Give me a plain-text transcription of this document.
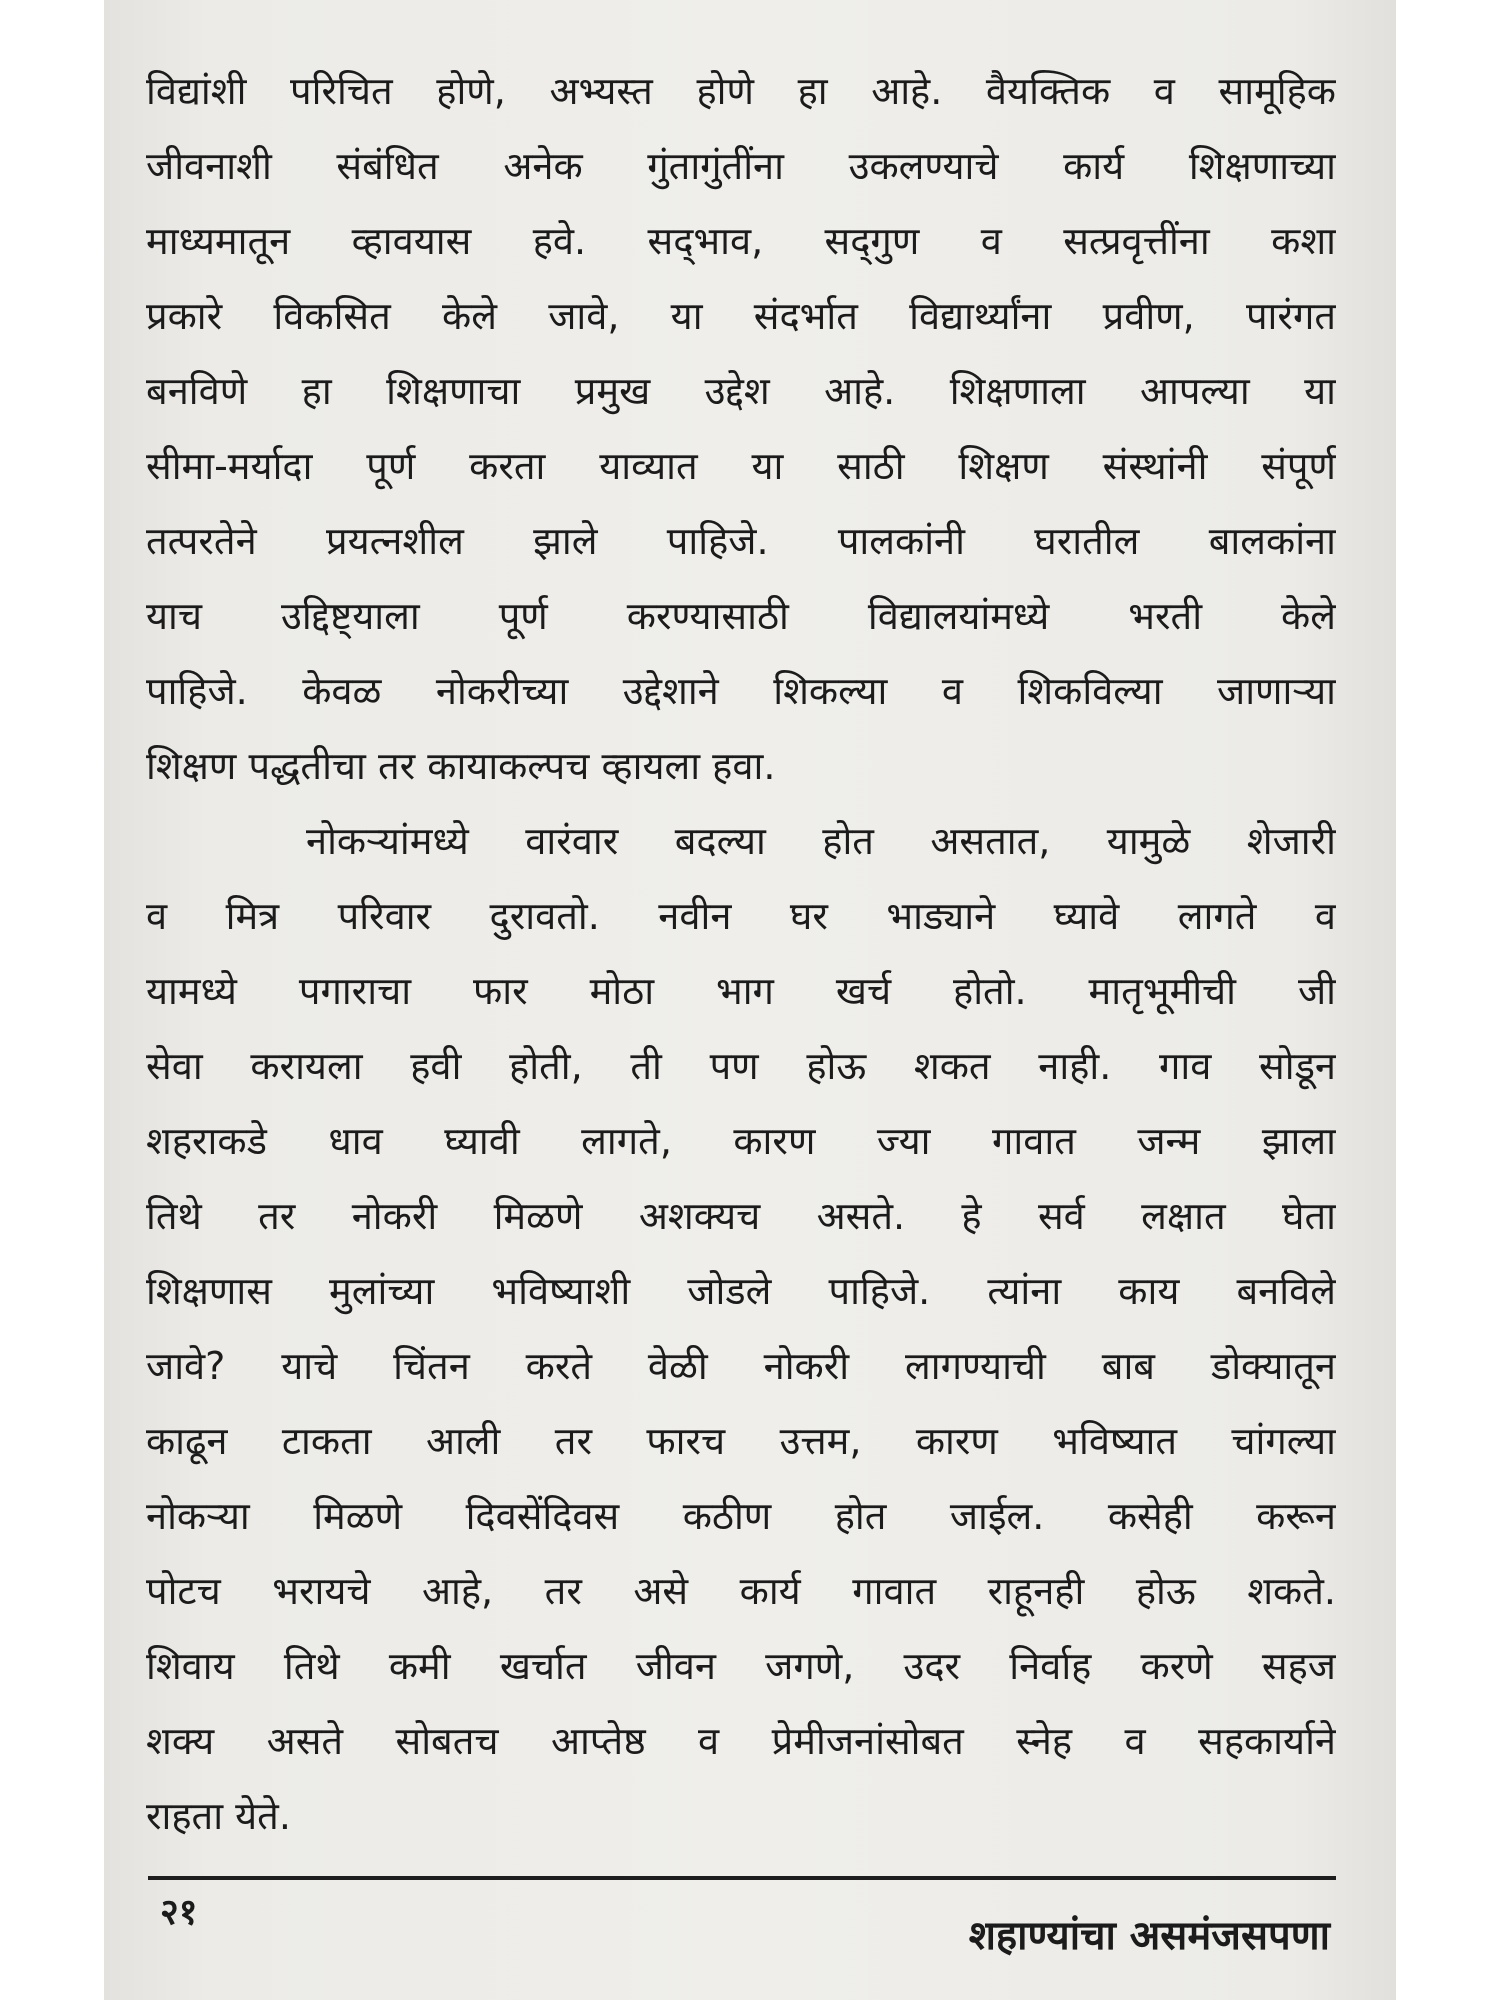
विद्यांशी परिचित होणे, अभ्यस्त होणे हा आहे. वैयक्तिक व सामूहिक
जीवनाशी संबंधित अनेक गुंतागुंतींना उकलण्याचे कार्य शिक्षणाच्या
माध्यमातून व्हावयास हवे. सद्‌भाव, सद्‌गुण व सत्प्रवृत्तींना कशा
प्रकारे विकसित केले जावे, या संदर्भात विद्यार्थ्यांना प्रवीण, पारंगत
बनविणे हा शिक्षणाचा प्रमुख उद्देश आहे. शिक्षणाला आपल्या या
सीमा-मर्यादा पूर्ण करता याव्यात या साठी शिक्षण संस्थांनी संपूर्ण
तत्परतेने प्रयत्नशील झाले पाहिजे. पालकांनी घरातील बालकांना
याच उद्दिष्ट्याला पूर्ण करण्यासाठी विद्यालयांमध्ये भरती केले
पाहिजे. केवळ नोकरीच्या उद्देशाने शिकल्या व शिकविल्या जाणाऱ्या
शिक्षण पद्धतीचा तर कायाकल्पच व्हायला हवा.
नोकऱ्यांमध्ये वारंवार बदल्या होत असतात, यामुळे शेजारी
व मित्र परिवार दुरावतो. नवीन घर भाड्याने घ्यावे लागते व
यामध्ये पगाराचा फार मोठा भाग खर्च होतो. मातृभूमीची जी
सेवा करायला हवी होती, ती पण होऊ शकत नाही. गाव सोडून
शहराकडे धाव घ्यावी लागते, कारण ज्या गावात जन्म झाला
तिथे तर नोकरी मिळणे अशक्यच असते. हे सर्व लक्षात घेता
शिक्षणास मुलांच्या भविष्याशी जोडले पाहिजे. त्यांना काय बनविले
जावे? याचे चिंतन करते वेळी नोकरी लागण्याची बाब डोक्यातून
काढून टाकता आली तर फारच उत्तम, कारण भविष्यात चांगल्या
नोकऱ्या मिळणे दिवसेंदिवस कठीण होत जाईल. कसेही करून
पोटच भरायचे आहे, तर असे कार्य गावात राहूनही होऊ शकते.
शिवाय तिथे कमी खर्चात जीवन जगणे, उदर निर्वाह करणे सहज
शक्य असते सोबतच आप्तेष्ठ व प्रेमीजनांसोबत स्नेह व सहकार्याने
राहता येते.
२१
शहाण्यांचा असमंजसपणा
